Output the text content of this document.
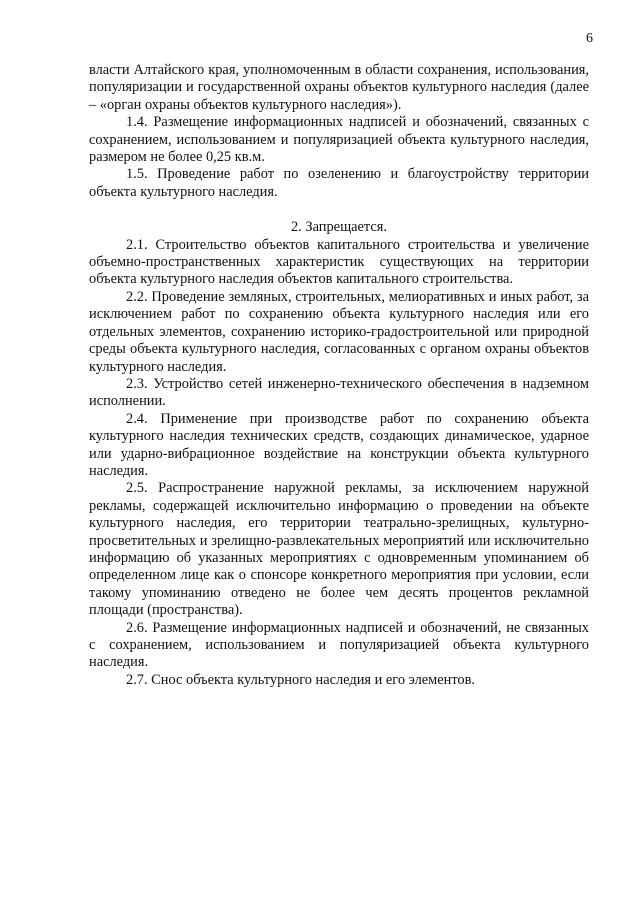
6

власти Алтайского края, уполномоченным в области сохранения, использования, популяризации и государственной охраны объектов культурного наследия (далее – «орган охраны объектов культурного наследия»).

1.4. Размещение информационных надписей и обозначений, связанных с сохранением, использованием и популяризацией объекта культурного наследия, размером не более 0,25 кв.м.

1.5. Проведение работ по озеленению и благоустройству территории объекта культурного наследия.

2. Запрещается.

2.1. Строительство объектов капитального строительства и увеличение объемно-пространственных характеристик существующих на территории объекта культурного наследия объектов капитального строительства.

2.2. Проведение земляных, строительных, мелиоративных и иных работ, за исключением работ по сохранению объекта культурного наследия или его отдельных элементов, сохранению историко-градостроительной или природной среды объекта культурного наследия, согласованных с органом охраны объектов культурного наследия.

2.3. Устройство сетей инженерно-технического обеспечения в надземном исполнении.

2.4. Применение при производстве работ по сохранению объекта культурного наследия технических средств, создающих динамическое, ударное или ударно-вибрационное воздействие на конструкции объекта культурного наследия.

2.5. Распространение наружной рекламы, за исключением наружной рекламы, содержащей исключительно информацию о проведении на объекте культурного наследия, его территории театрально-зрелищных, культурно-просветительных и зрелищно-развлекательных мероприятий или исключительно информацию об указанных мероприятиях с одновременным упоминанием об определенном лице как о спонсоре конкретного мероприятия при условии, если такому упоминанию отведено не более чем десять процентов рекламной площади (пространства).

2.6. Размещение информационных надписей и обозначений, не связанных с сохранением, использованием и популяризацией объекта культурного наследия.

2.7. Снос объекта культурного наследия и его элементов.
